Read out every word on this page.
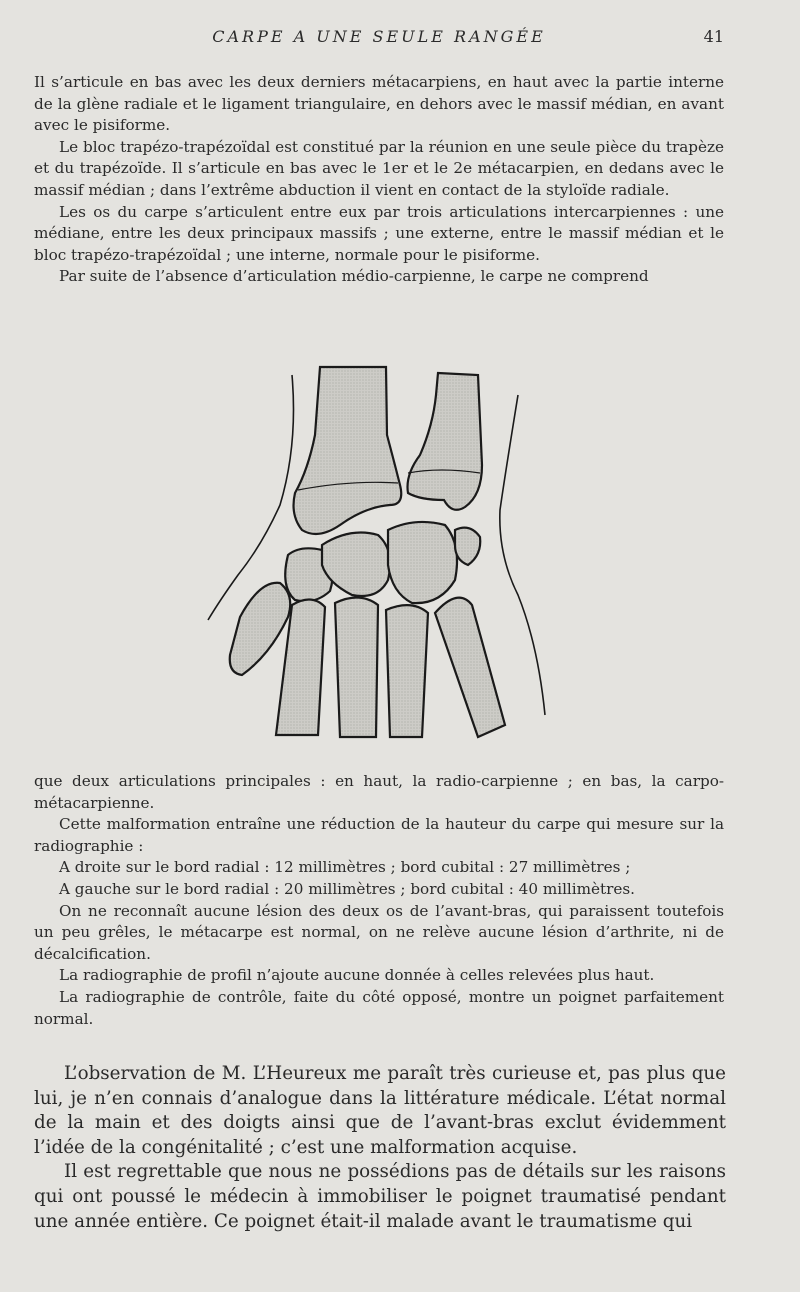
CARPE A UNE SEULE RANGÉE	41

Il s’articule en bas avec les deux derniers métacarpiens, en haut avec la partie interne de la glène radiale et le ligament triangulaire, en dehors avec le massif médian, en avant avec le pisiforme.

Le bloc trapézo-trapézoïdal est constitué par la réunion en une seule pièce du trapèze et du trapézoïde. Il s’articule en bas avec le 1er et le 2e métacarpien, en dedans avec le massif médian ; dans l’extrême abduction il vient en contact de la styloïde radiale.

Les os du carpe s’articulent entre eux par trois articulations intercarpiennes : une médiane, entre les deux principaux massifs ; une externe, entre le massif médian et le bloc trapézo-trapézoïdal ; une interne, normale pour le pisiforme.

Par suite de l’absence d’articulation médio-carpienne, le carpe ne comprend

que deux articulations principales : en haut, la radio-carpienne ; en bas, la carpo-métacarpienne.

Cette malformation entraîne une réduction de la hauteur du carpe qui mesure sur la radiographie :

A droite sur le bord radial : 12 millimètres ; bord cubital : 27 millimètres ;

A gauche sur le bord radial : 20 millimètres ; bord cubital : 40 millimètres.

On ne reconnaît aucune lésion des deux os de l’avant-bras, qui paraissent toutefois un peu grêles, le métacarpe est normal, on ne relève aucune lésion d’arthrite, ni de décalcification.

La radiographie de profil n’ajoute aucune donnée à celles relevées plus haut.

La radiographie de contrôle, faite du côté opposé, montre un poignet parfaitement normal.

L’observation de M. L’Heureux me paraît très curieuse et, pas plus que lui, je n’en connais d’analogue dans la littérature médicale. L’état normal de la main et des doigts ainsi que de l’avant-bras exclut évidemment l’idée de la congénitalité ; c’est une malformation acquise.

Il est regrettable que nous ne possédions pas de détails sur les raisons qui ont poussé le médecin à immobiliser le poignet traumatisé pendant une année entière. Ce poignet était-il malade avant le traumatisme qui
